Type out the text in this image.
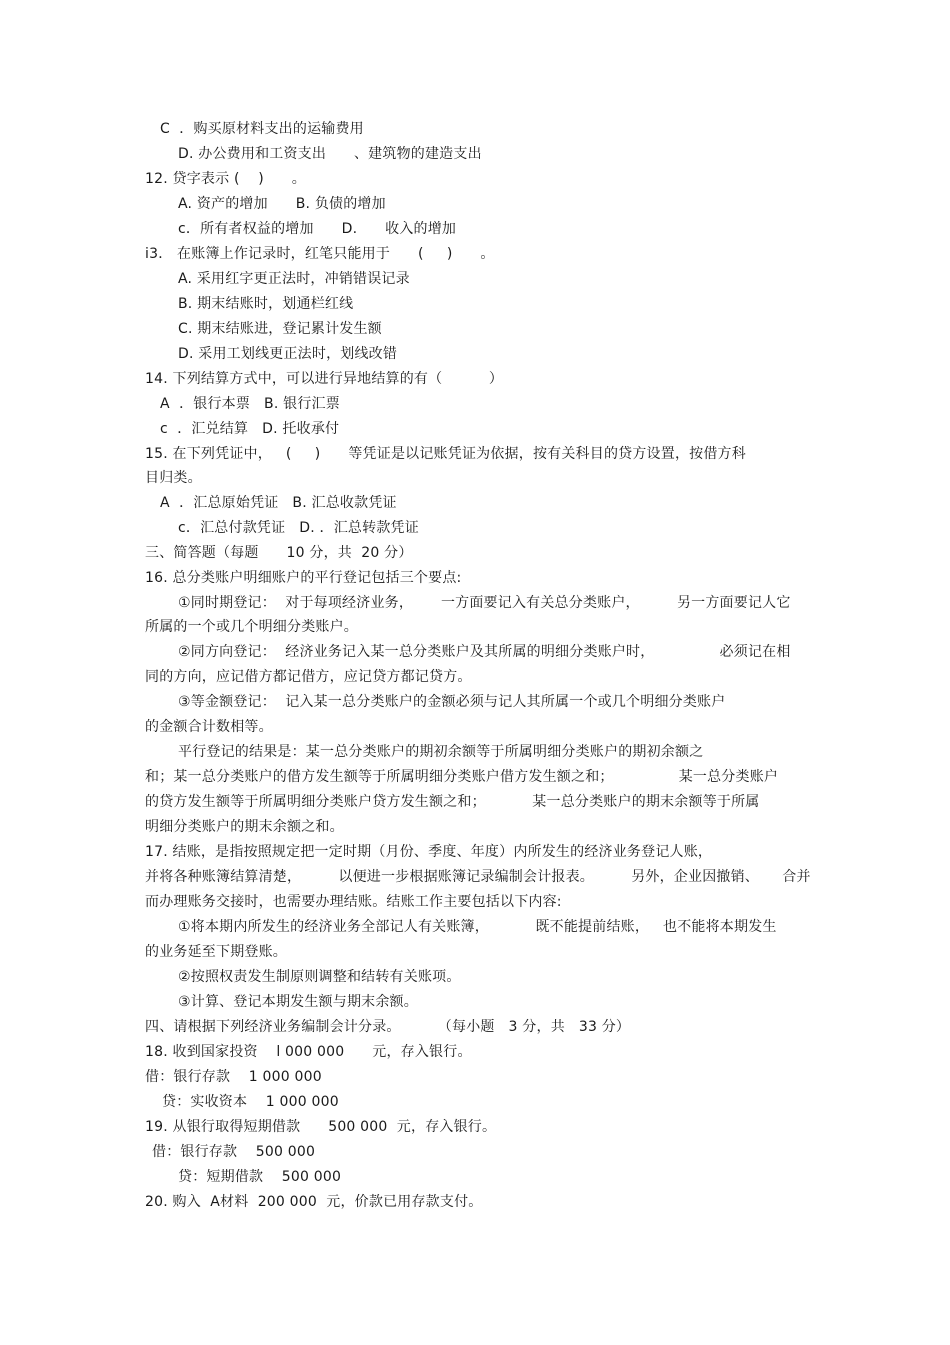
C  ．购买原材料支出的运输费用

D. 办公费用和工资支出      、建筑物的建造支出

12. 贷字表示 (    )      。

A. 资产的增加      B. 负债的增加

c．所有者权益的增加      D.      收入的增加

i3． 在账簿上作记录时，红笔只能用于      (     )      。

A. 采用红字更正法时，冲销错误记录

B. 期末结账时，划通栏红线

C. 期末结账进，登记累计发生额

D. 采用工划线更正法时，划线改错

14. 下列结算方式中，可以进行异地结算的有（          ）

A  ．银行本票   B. 银行汇票

c  ．汇兑结算   D. 托收承付

15. 在下列凭证中，   (     )      等凭证是以记账凭证为依据，按有关科目的贷方设置，按借方科

目归类。

A  ．汇总原始凭证   B. 汇总收款凭证

c．汇总付款凭证   D. ．汇总转款凭证

三、简答题（每题      10 分，共  20 分）

16. 总分类账户明细账户的平行登记包括三个要点:

①同时期登记：  对于每项经济业务，      一方面要记入有关总分类账户，        另一方面要记人它

所属的一个或几个明细分类账户。

②同方向登记：  经济业务记入某一总分类账户及其所属的明细分类账户时，              必须记在相

同的方向，应记借方都记借方，应记贷方都记贷方。

③等金额登记：  记入某一总分类账户的金额必须与记人其所属一个或几个明细分类账户

的金额合计数相等。

平行登记的结果是：某一总分类账户的期初余额等于所属明细分类账户的期初余额之

和；某一总分类账户的借方发生额等于所属明细分类账户借方发生额之和；              某一总分类账户

的贷方发生额等于所属明细分类账户贷方发生额之和；          某一总分类账户的期末余额等于所属

明细分类账户的期末余额之和。

17. 结账，是指按照规定把一定时期（月份、季度、年度）内所发生的经济业务登记人账，

并将各种账簿结算清楚，        以便进一步根据账簿记录编制会计报表。        另外，企业因撤销、     合并

而办理账务交接时，也需要办理结账。结账工作主要包括以下内容:

①将本期内所发生的经济业务全部记人有关账簿，          既不能提前结账，   也不能将本期发生

的业务延至下期登账。

②按照权责发生制原则调整和结转有关账项。

③计算、登记本期发生额与期末余额。

四、请根据下列经济业务编制会计分录。        （每小题   3 分，共   33 分）

18. 收到国家投资    l 000 000      元，存入银行。

借：银行存款    1 000 000

贷：实收资本    1 000 000

19. 从银行取得短期借款      500 000  元，存入银行。

借：银行存款    500 000

贷：短期借款    500 000

20. 购入  A材料  200 000  元，价款已用存款支付。
